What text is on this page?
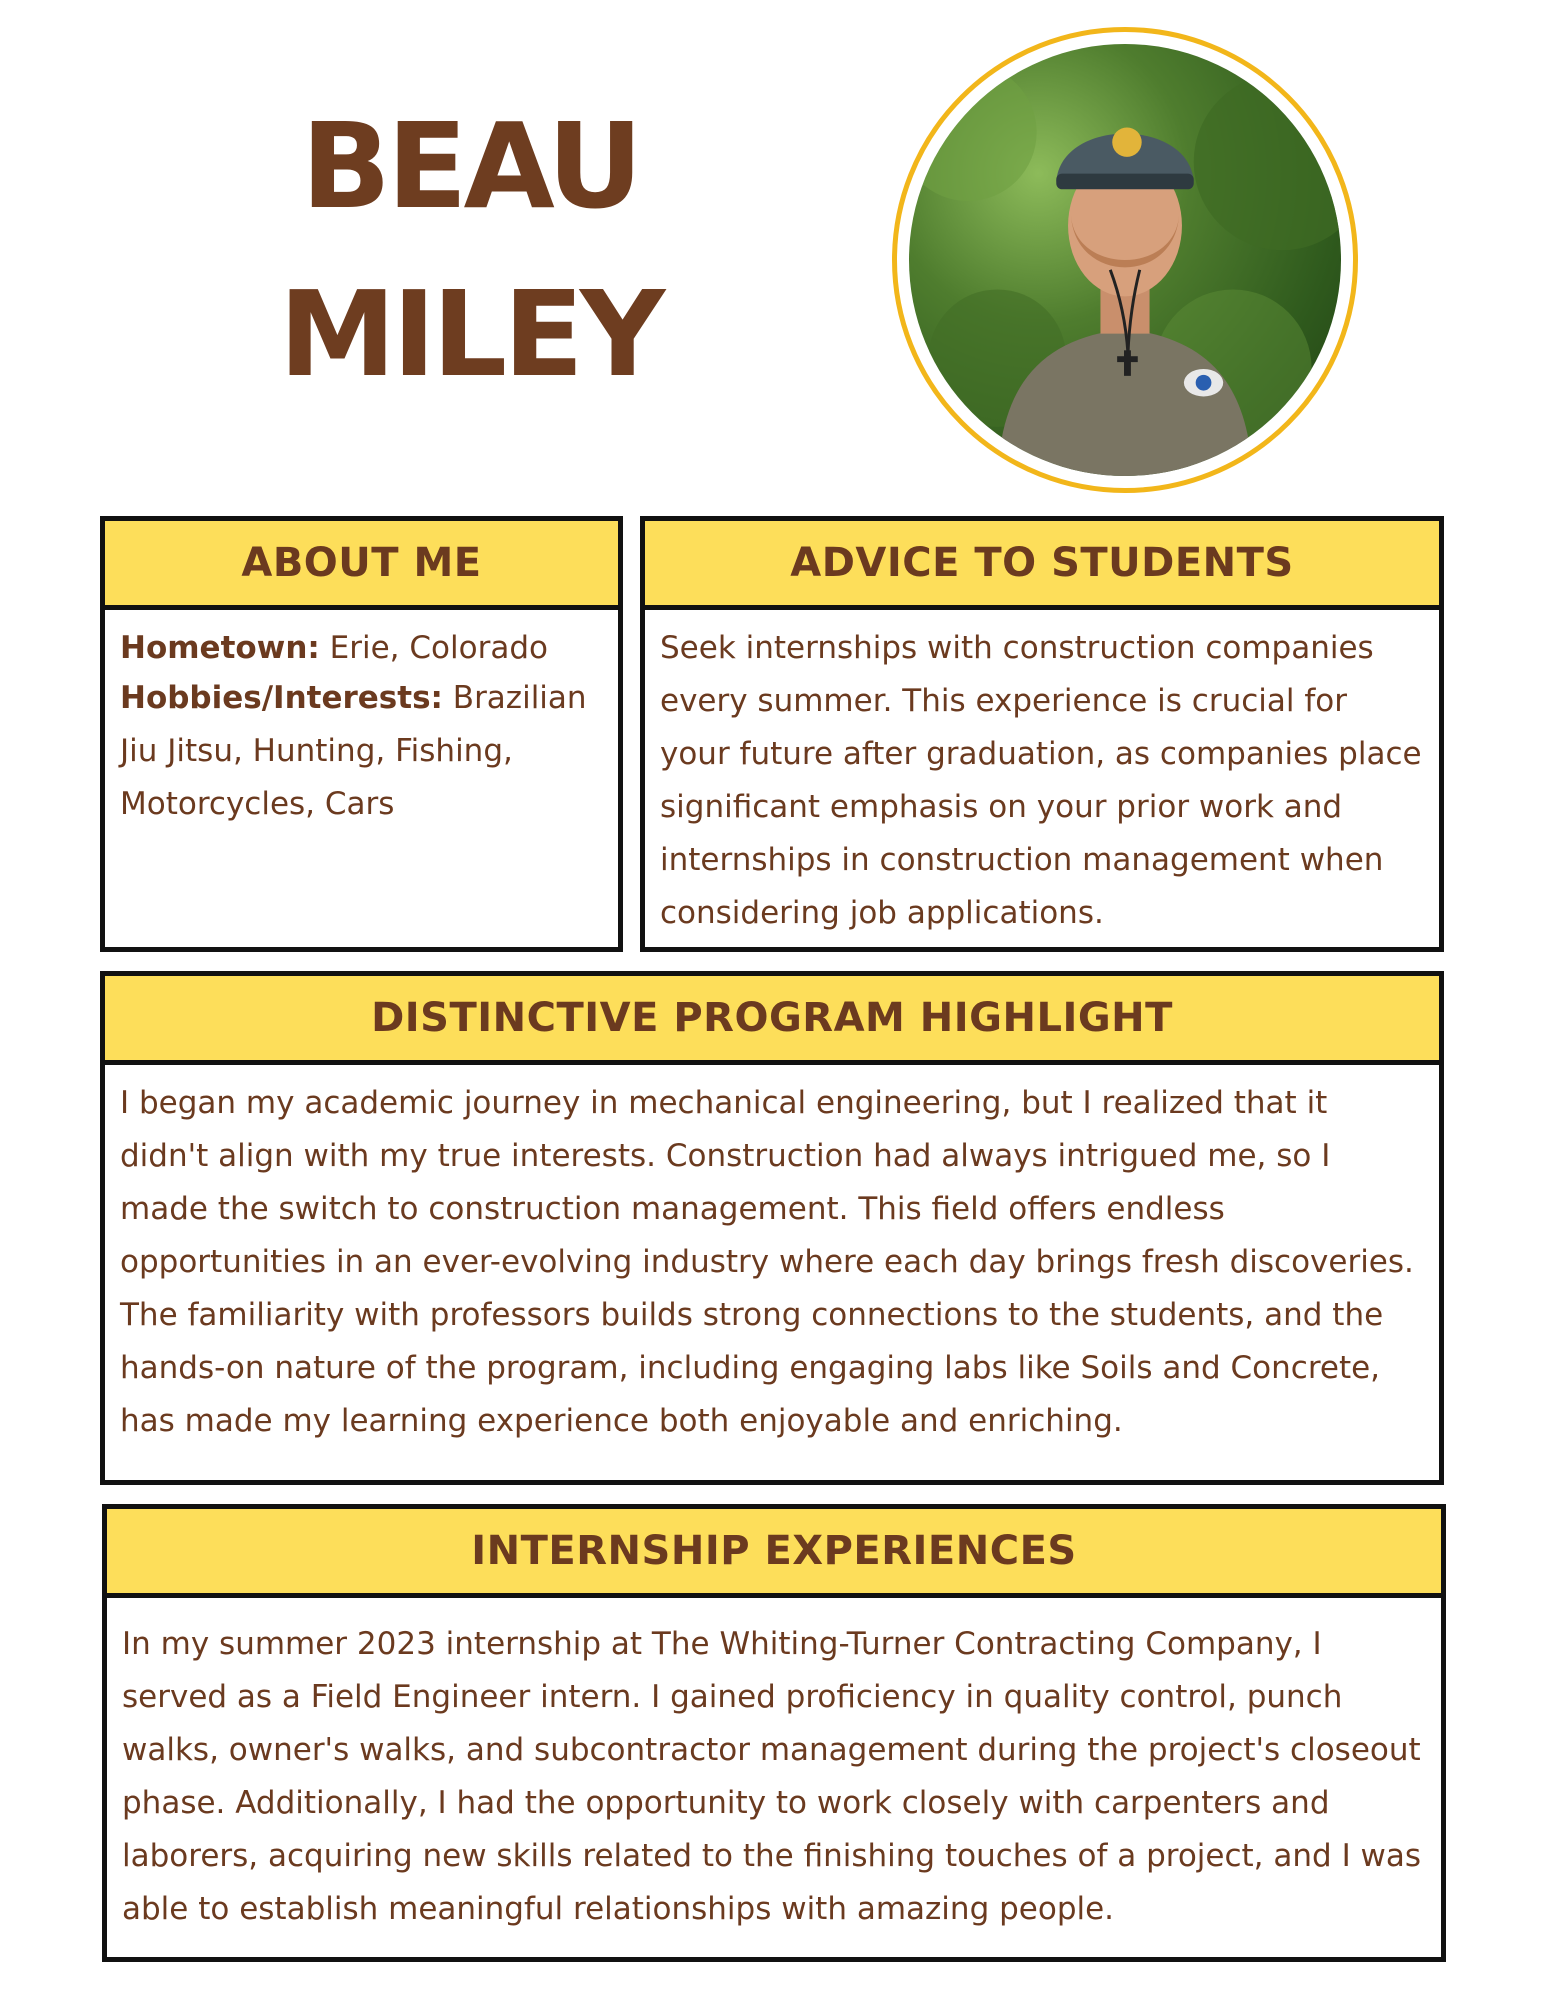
BEAU
MILEY
ABOUT ME
Hometown: Erie, Colorado
Hobbies/Interests: Brazilian Jiu Jitsu, Hunting, Fishing, Motorcycles, Cars
ADVICE TO STUDENTS
Seek internships with construction companies every summer. This experience is crucial for your future after graduation, as companies place significant emphasis on your prior work and internships in construction management when considering job applications.
DISTINCTIVE PROGRAM HIGHLIGHT
I began my academic journey in mechanical engineering, but I realized that it didn't align with my true interests. Construction had always intrigued me, so I made the switch to construction management. This field offers endless opportunities in an ever-evolving industry where each day brings fresh discoveries. The familiarity with professors builds strong connections to the students, and the hands-on nature of the program, including engaging labs like Soils and Concrete, has made my learning experience both enjoyable and enriching.
INTERNSHIP EXPERIENCES
In my summer 2023 internship at The Whiting-Turner Contracting Company, I served as a Field Engineer intern. I gained proficiency in quality control, punch walks, owner's walks, and subcontractor management during the project's closeout phase. Additionally, I had the opportunity to work closely with carpenters and laborers, acquiring new skills related to the finishing touches of a project, and I was able to establish meaningful relationships with amazing people.
